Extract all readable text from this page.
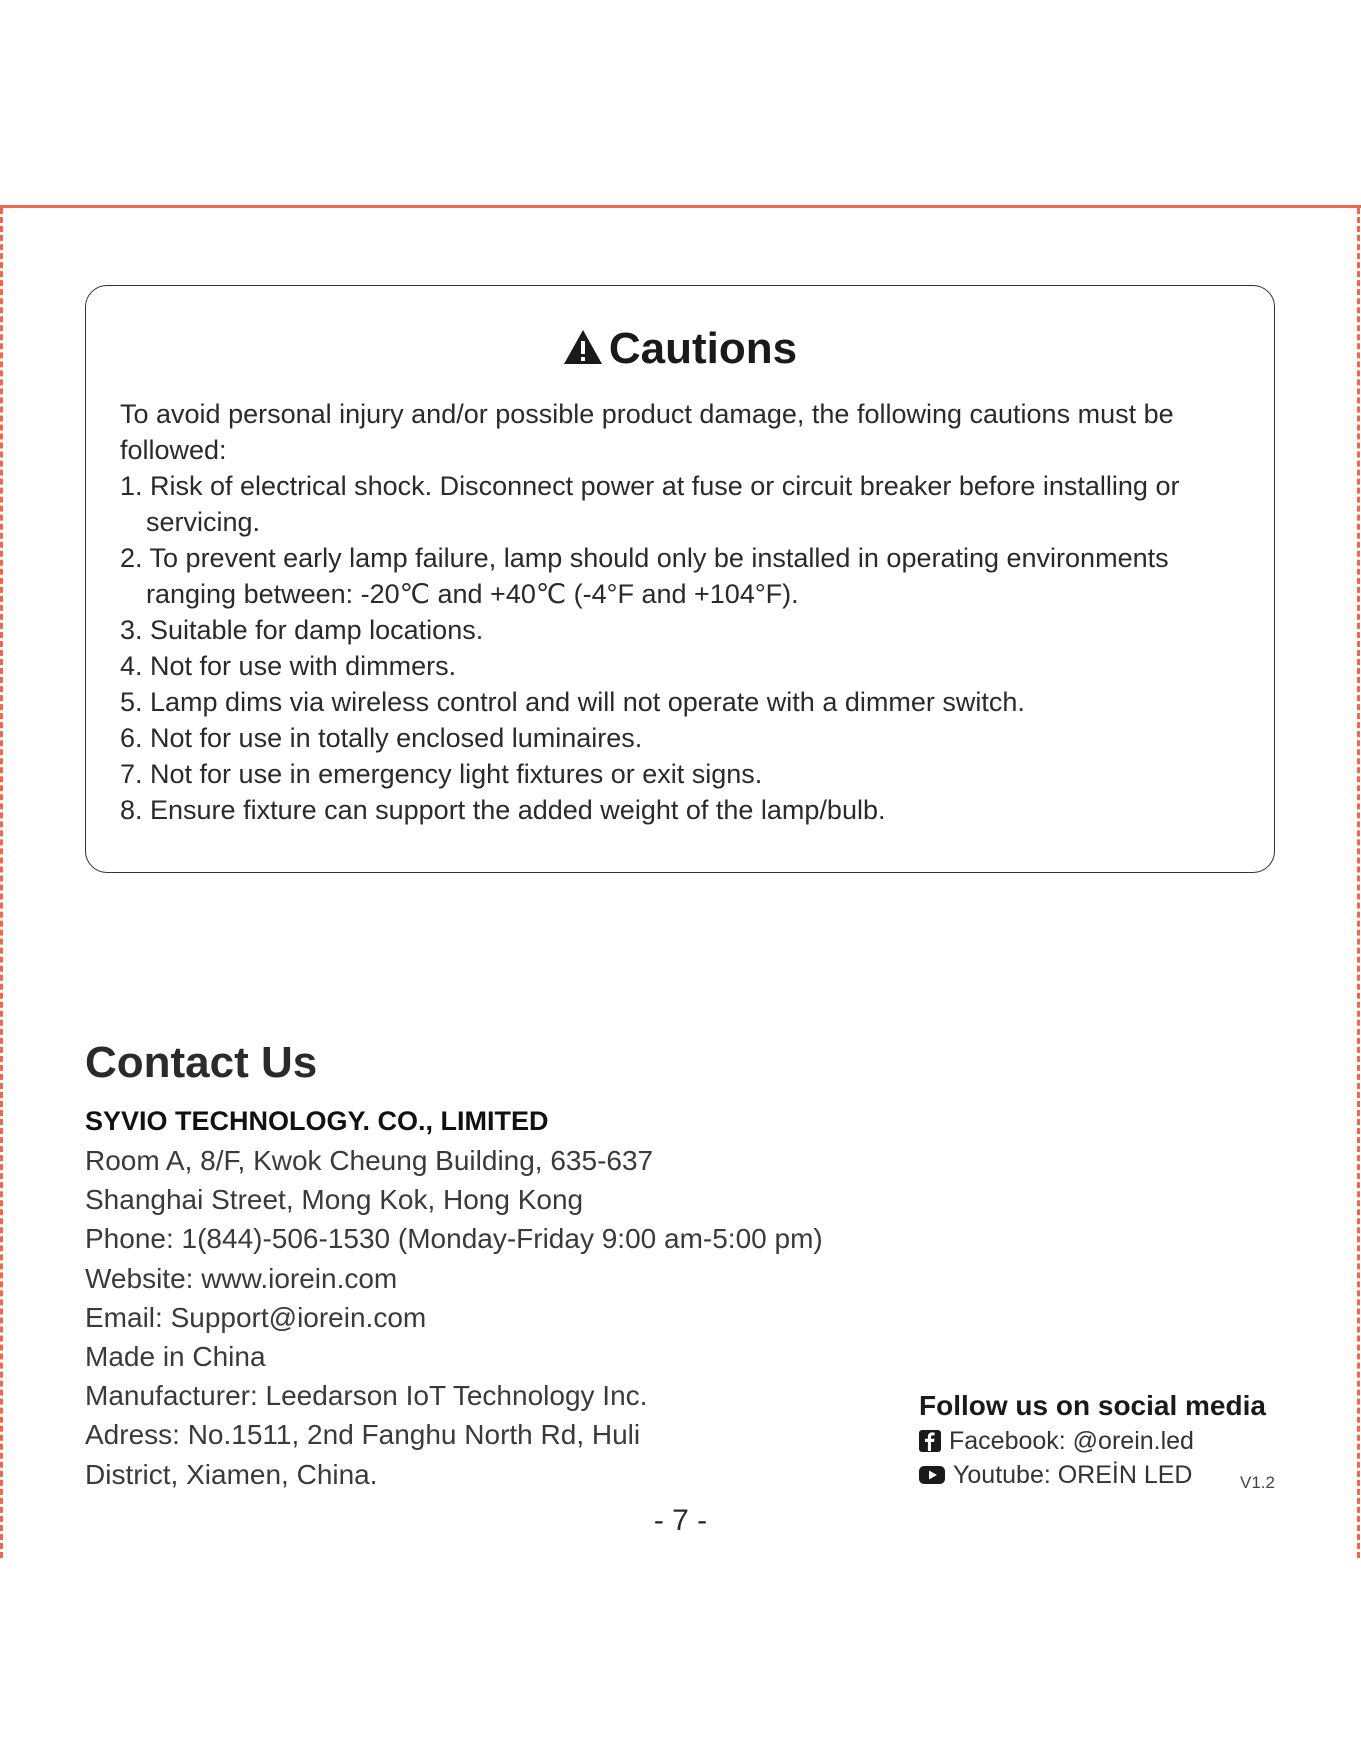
Cautions
To avoid personal injury and/or possible product damage, the following cautions must be followed:
1. Risk of electrical shock. Disconnect power at fuse or circuit breaker before installing or servicing.
2. To prevent early lamp failure, lamp should only be installed in operating environments ranging between: -20℃ and +40℃ (-4°F and +104°F).
3. Suitable for damp locations.
4. Not for use with dimmers.
5. Lamp dims via wireless control and will not operate with a dimmer switch.
6. Not for use in totally enclosed luminaires.
7. Not for use in emergency light fixtures or exit signs.
8. Ensure fixture can support the added weight of the lamp/bulb.
Contact Us
SYVIO TECHNOLOGY. CO., LIMITED
Room A, 8/F, Kwok Cheung Building, 635-637
Shanghai Street, Mong Kok, Hong Kong
Phone: 1(844)-506-1530 (Monday-Friday 9:00 am-5:00 pm)
Website: www.iorein.com
Email: Support@iorein.com
Made in China
Manufacturer: Leedarson IoT Technology Inc.
Adress: No.1511, 2nd Fanghu North Rd, Huli
District, Xiamen, China.
Follow us on social media
Facebook: @orein.led
Youtube: OREİN LED	V1.2
- 7 -
